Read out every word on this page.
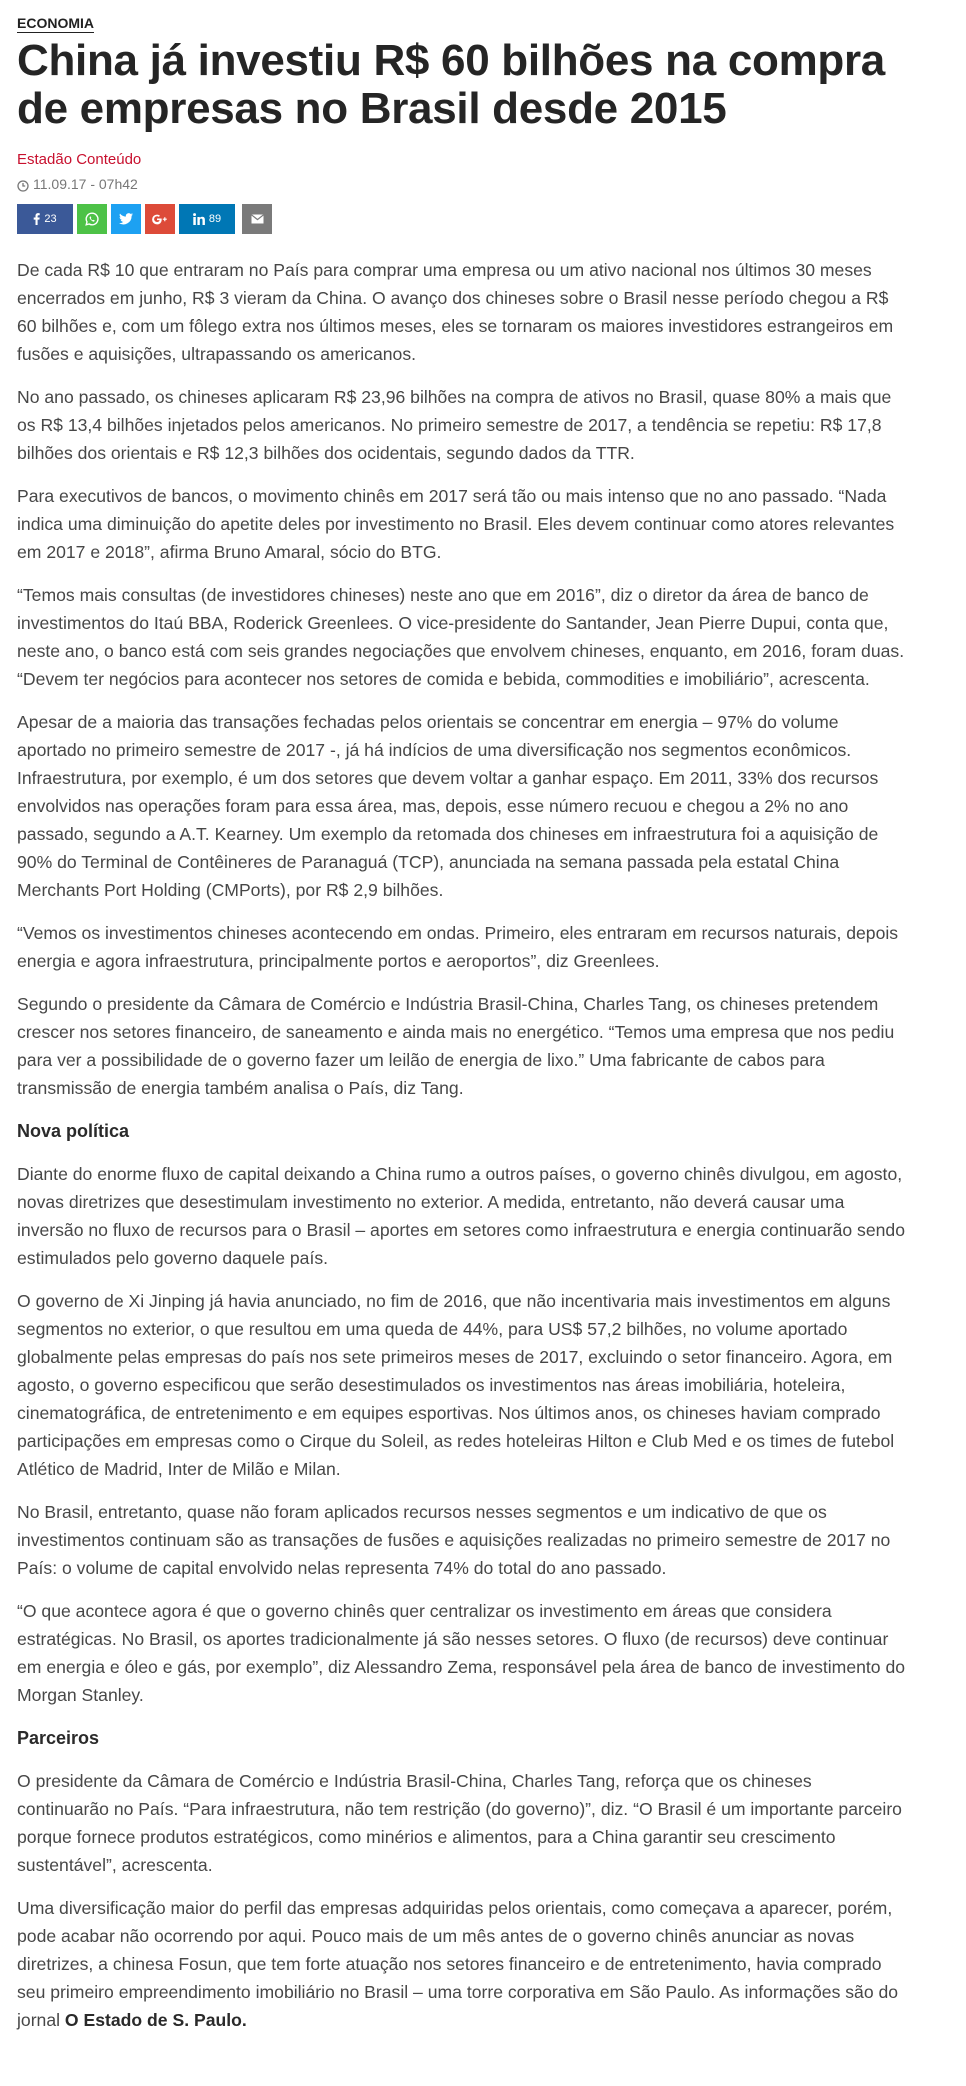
ECONOMIA
China já investiu R$ 60 bilhões na compra de empresas no Brasil desde 2015
Estadão Conteúdo
11.09.17 - 07h42
23	89

De cada R$ 10 que entraram no País para comprar uma empresa ou um ativo nacional nos últimos 30 meses encerrados em junho, R$ 3 vieram da China. O avanço dos chineses sobre o Brasil nesse período chegou a R$ 60 bilhões e, com um fôlego extra nos últimos meses, eles se tornaram os maiores investidores estrangeiros em fusões e aquisições, ultrapassando os americanos.

No ano passado, os chineses aplicaram R$ 23,96 bilhões na compra de ativos no Brasil, quase 80% a mais que os R$ 13,4 bilhões injetados pelos americanos. No primeiro semestre de 2017, a tendência se repetiu: R$ 17,8 bilhões dos orientais e R$ 12,3 bilhões dos ocidentais, segundo dados da TTR.

Para executivos de bancos, o movimento chinês em 2017 será tão ou mais intenso que no ano passado. “Nada indica uma diminuição do apetite deles por investimento no Brasil. Eles devem continuar como atores relevantes em 2017 e 2018”, afirma Bruno Amaral, sócio do BTG.

“Temos mais consultas (de investidores chineses) neste ano que em 2016”, diz o diretor da área de banco de investimentos do Itaú BBA, Roderick Greenlees. O vice-presidente do Santander, Jean Pierre Dupui, conta que, neste ano, o banco está com seis grandes negociações que envolvem chineses, enquanto, em 2016, foram duas. “Devem ter negócios para acontecer nos setores de comida e bebida, commodities e imobiliário”, acrescenta.

Apesar de a maioria das transações fechadas pelos orientais se concentrar em energia – 97% do volume aportado no primeiro semestre de 2017 -, já há indícios de uma diversificação nos segmentos econômicos. Infraestrutura, por exemplo, é um dos setores que devem voltar a ganhar espaço. Em 2011, 33% dos recursos envolvidos nas operações foram para essa área, mas, depois, esse número recuou e chegou a 2% no ano passado, segundo a A.T. Kearney. Um exemplo da retomada dos chineses em infraestrutura foi a aquisição de 90% do Terminal de Contêineres de Paranaguá (TCP), anunciada na semana passada pela estatal China Merchants Port Holding (CMPorts), por R$ 2,9 bilhões.

“Vemos os investimentos chineses acontecendo em ondas. Primeiro, eles entraram em recursos naturais, depois energia e agora infraestrutura, principalmente portos e aeroportos”, diz Greenlees.

Segundo o presidente da Câmara de Comércio e Indústria Brasil-China, Charles Tang, os chineses pretendem crescer nos setores financeiro, de saneamento e ainda mais no energético. “Temos uma empresa que nos pediu para ver a possibilidade de o governo fazer um leilão de energia de lixo.” Uma fabricante de cabos para transmissão de energia também analisa o País, diz Tang.

Nova política

Diante do enorme fluxo de capital deixando a China rumo a outros países, o governo chinês divulgou, em agosto, novas diretrizes que desestimulam investimento no exterior. A medida, entretanto, não deverá causar uma inversão no fluxo de recursos para o Brasil – aportes em setores como infraestrutura e energia continuarão sendo estimulados pelo governo daquele país.

O governo de Xi Jinping já havia anunciado, no fim de 2016, que não incentivaria mais investimentos em alguns segmentos no exterior, o que resultou em uma queda de 44%, para US$ 57,2 bilhões, no volume aportado globalmente pelas empresas do país nos sete primeiros meses de 2017, excluindo o setor financeiro. Agora, em agosto, o governo especificou que serão desestimulados os investimentos nas áreas imobiliária, hoteleira, cinematográfica, de entretenimento e em equipes esportivas. Nos últimos anos, os chineses haviam comprado participações em empresas como o Cirque du Soleil, as redes hoteleiras Hilton e Club Med e os times de futebol Atlético de Madrid, Inter de Milão e Milan.

No Brasil, entretanto, quase não foram aplicados recursos nesses segmentos e um indicativo de que os investimentos continuam são as transações de fusões e aquisições realizadas no primeiro semestre de 2017 no País: o volume de capital envolvido nelas representa 74% do total do ano passado.

“O que acontece agora é que o governo chinês quer centralizar os investimento em áreas que considera estratégicas. No Brasil, os aportes tradicionalmente já são nesses setores. O fluxo (de recursos) deve continuar em energia e óleo e gás, por exemplo”, diz Alessandro Zema, responsável pela área de banco de investimento do Morgan Stanley.

Parceiros

O presidente da Câmara de Comércio e Indústria Brasil-China, Charles Tang, reforça que os chineses continuarão no País. “Para infraestrutura, não tem restrição (do governo)”, diz. “O Brasil é um importante parceiro porque fornece produtos estratégicos, como minérios e alimentos, para a China garantir seu crescimento sustentável”, acrescenta.

Uma diversificação maior do perfil das empresas adquiridas pelos orientais, como começava a aparecer, porém, pode acabar não ocorrendo por aqui. Pouco mais de um mês antes de o governo chinês anunciar as novas diretrizes, a chinesa Fosun, que tem forte atuação nos setores financeiro e de entretenimento, havia comprado seu primeiro empreendimento imobiliário no Brasil – uma torre corporativa em São Paulo. As informações são do jornal O Estado de S. Paulo.
